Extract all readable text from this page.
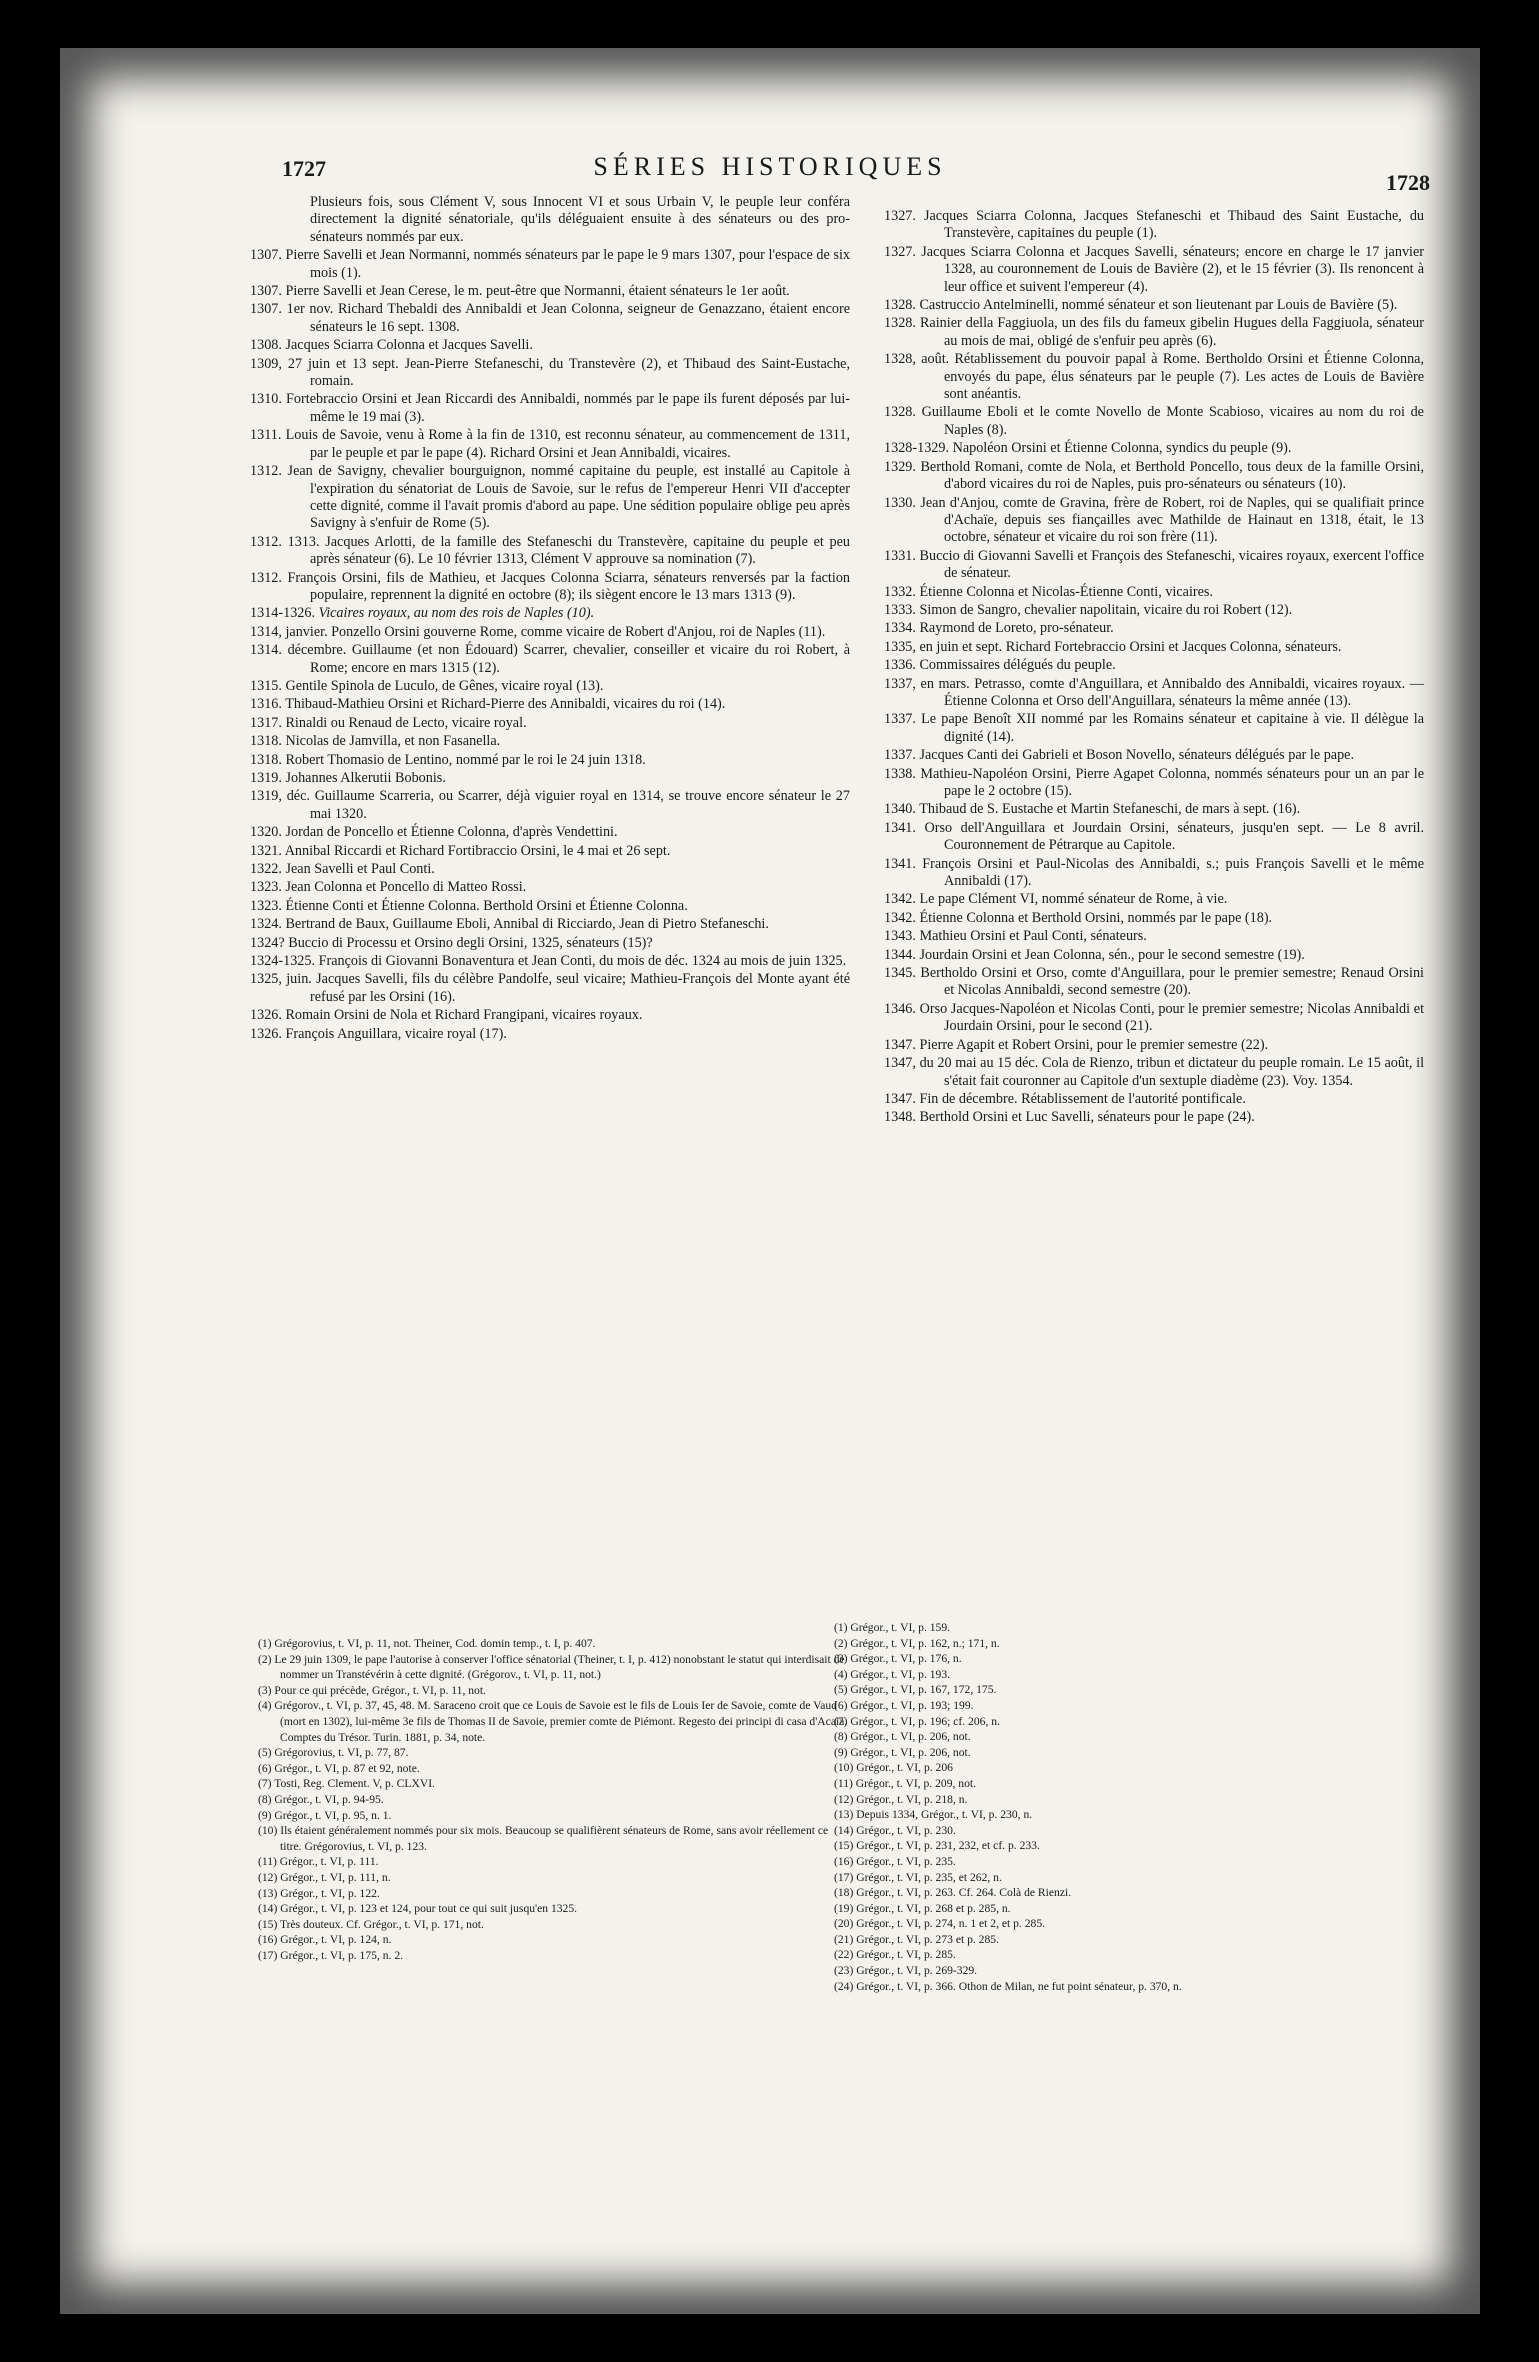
1727	SÉRIES HISTORIQUES
1728

Plusieurs fois, sous Clément V, sous Innocent VI et sous Urbain V, le peuple leur conféra directement la dignité sénatoriale, qu'ils déléguaient ensuite à des sénateurs ou des pro-sénateurs nommés par eux.

1307. Pierre Savelli et Jean Normanni, nommés sénateurs par le pape le 9 mars 1307, pour l'espace de six mois (1).

1307. Pierre Savelli et Jean Cerese, le m. peut-être que Normanni, étaient sénateurs le 1er août.

1307. 1er nov. Richard Thebaldi des Annibaldi et Jean Colonna, seigneur de Genazzano, étaient encore sénateurs le 16 sept. 1308.

1308. Jacques Sciarra Colonna et Jacques Savelli.

1309, 27 juin et 13 sept. Jean-Pierre Stefaneschi, du Transtevère (2), et Thibaud des Saint-Eustache, romain.

1310. Fortebraccio Orsini et Jean Riccardi des Annibaldi, nommés par le pape ils furent déposés par lui-même le 19 mai (3).

1311. Louis de Savoie, venu à Rome à la fin de 1310, est reconnu sénateur, au commencement de 1311, par le peuple et par le pape (4). Richard Orsini et Jean Annibaldi, vicaires.

1312. Jean de Savigny, chevalier bourguignon, nommé capitaine du peuple, est installé au Capitole à l'expiration du sénatoriat de Louis de Savoie, sur le refus de l'empereur Henri VII d'accepter cette dignité, comme il l'avait promis d'abord au pape. Une sédition populaire oblige peu après Savigny à s'enfuir de Rome (5).

1312. 1313. Jacques Arlotti, de la famille des Stefaneschi du Transtevère, capitaine du peuple et peu après sénateur (6). Le 10 février 1313, Clément V approuve sa nomination (7).

1312. François Orsini, fils de Mathieu, et Jacques Colonna Sciarra, sénateurs renversés par la faction populaire, reprennent la dignité en octobre (8); ils siègent encore le 13 mars 1313 (9).

1314-1326. Vicaires royaux, au nom des rois de Naples (10).

1314, janvier. Ponzello Orsini gouverne Rome, comme vicaire de Robert d'Anjou, roi de Naples (11).

1314. décembre. Guillaume (et non Édouard) Scarrer, chevalier, conseiller et vicaire du roi Robert, à Rome; encore en mars 1315 (12).

1315. Gentile Spinola de Luculo, de Gênes, vicaire royal (13).

1316. Thibaud-Mathieu Orsini et Richard-Pierre des Annibaldi, vicaires du roi (14).

1317. Rinaldi ou Renaud de Lecto, vicaire royal.

1318. Nicolas de Jamvilla, et non Fasanella.

1318. Robert Thomasio de Lentino, nommé par le roi le 24 juin 1318.

1319. Johannes Alkerutii Bobonis.

1319, déc. Guillaume Scarreria, ou Scarrer, déjà viguier royal en 1314, se trouve encore sénateur le 27 mai 1320.

1320. Jordan de Poncello et Étienne Colonna, d'après Vendettini.

1321. Annibal Riccardi et Richard Fortibraccio Orsini, le 4 mai et 26 sept.

1322. Jean Savelli et Paul Conti.

1323. Jean Colonna et Poncello di Matteo Rossi.

1323. Étienne Conti et Étienne Colonna. Berthold Orsini et Étienne Colonna.

1324. Bertrand de Baux, Guillaume Eboli, Annibal di Ricciardo, Jean di Pietro Stefaneschi.

1324? Buccio di Processu et Orsino degli Orsini, 1325, sénateurs (15)?

1324-1325. François di Giovanni Bonaventura et Jean Conti, du mois de déc. 1324 au mois de juin 1325.

1325, juin. Jacques Savelli, fils du célèbre Pandolfe, seul vicaire; Mathieu-François del Monte ayant été refusé par les Orsini (16).

1326. Romain Orsini de Nola et Richard Frangipani, vicaires royaux.

1326. François Anguillara, vicaire royal (17).

1327. Jacques Sciarra Colonna, Jacques Stefaneschi et Thibaud des Saint Eustache, du Transtevère, capitaines du peuple (1).

1327. Jacques Sciarra Colonna et Jacques Savelli, sénateurs; encore en charge le 17 janvier 1328, au couronnement de Louis de Bavière (2), et le 15 février (3). Ils renoncent à leur office et suivent l'empereur (4).

1328. Castruccio Antelminelli, nommé sénateur et son lieutenant par Louis de Bavière (5).

1328. Rainier della Faggiuola, un des fils du fameux gibelin Hugues della Faggiuola, sénateur au mois de mai, obligé de s'enfuir peu après (6).

1328, août. Rétablissement du pouvoir papal à Rome. Bertholdo Orsini et Étienne Colonna, envoyés du pape, élus sénateurs par le peuple (7). Les actes de Louis de Bavière sont anéantis.

1328. Guillaume Eboli et le comte Novello de Monte Scabioso, vicaires au nom du roi de Naples (8).

1328-1329. Napoléon Orsini et Étienne Colonna, syndics du peuple (9).

1329. Berthold Romani, comte de Nola, et Berthold Poncello, tous deux de la famille Orsini, d'abord vicaires du roi de Naples, puis pro-sénateurs ou sénateurs (10).

1330. Jean d'Anjou, comte de Gravina, frère de Robert, roi de Naples, qui se qualifiait prince d'Achaïe, depuis ses fiançailles avec Mathilde de Hainaut en 1318, était, le 13 octobre, sénateur et vicaire du roi son frère (11).

1331. Buccio di Giovanni Savelli et François des Stefaneschi, vicaires royaux, exercent l'office de sénateur.

1332. Étienne Colonna et Nicolas-Étienne Conti, vicaires.

1333. Simon de Sangro, chevalier napolitain, vicaire du roi Robert (12).

1334. Raymond de Loreto, pro-sénateur.

1335, en juin et sept. Richard Fortebraccio Orsini et Jacques Colonna, sénateurs.

1336. Commissaires délégués du peuple.

1337, en mars. Petrasso, comte d'Anguillara, et Annibaldo des Annibaldi, vicaires royaux. — Étienne Colonna et Orso dell'Anguillara, sénateurs la même année (13).

1337. Le pape Benoît XII nommé par les Romains sénateur et capitaine à vie. Il délègue la dignité (14).

1337. Jacques Canti dei Gabrieli et Boson Novello, sénateurs délégués par le pape.

1338. Mathieu-Napoléon Orsini, Pierre Agapet Colonna, nommés sénateurs pour un an par le pape le 2 octobre (15).

1340. Thibaud de S. Eustache et Martin Stefaneschi, de mars à sept. (16).

1341. Orso dell'Anguillara et Jourdain Orsini, sénateurs, jusqu'en sept. — Le 8 avril. Couronnement de Pétrarque au Capitole.

1341. François Orsini et Paul-Nicolas des Annibaldi, s.; puis François Savelli et le même Annibaldi (17).

1342. Le pape Clément VI, nommé sénateur de Rome, à vie.

1342. Étienne Colonna et Berthold Orsini, nommés par le pape (18).

1343. Mathieu Orsini et Paul Conti, sénateurs.

1344. Jourdain Orsini et Jean Colonna, sén., pour le second semestre (19).

1345. Bertholdo Orsini et Orso, comte d'Anguillara, pour le premier semestre; Renaud Orsini et Nicolas Annibaldi, second semestre (20).

1346. Orso Jacques-Napoléon et Nicolas Conti, pour le premier semestre; Nicolas Annibaldi et Jourdain Orsini, pour le second (21).

1347. Pierre Agapit et Robert Orsini, pour le premier semestre (22).

1347, du 20 mai au 15 déc. Cola de Rienzo, tribun et dictateur du peuple romain. Le 15 août, il s'était fait couronner au Capitole d'un sextuple diadème (23). Voy. 1354.

1347. Fin de décembre. Rétablissement de l'autorité pontificale.

1348. Berthold Orsini et Luc Savelli, sénateurs pour le pape (24).

(1) Grégorovius, t. VI, p. 11, not. Theiner, Cod. domin temp., t. I, p. 407.

(2) Le 29 juin 1309, le pape l'autorise à conserver l'office sénatorial (Theiner, t. I, p. 412) nonobstant le statut qui interdisait de nommer un Transtévérin à cette dignité. (Grégorov., t. VI, p. 11, not.)

(3) Pour ce qui précède, Grégor., t. VI, p. 11, not.

(4) Grégorov., t. VI, p. 37, 45, 48. M. Saraceno croit que ce Louis de Savoie est le fils de Louis Ier de Savoie, comte de Vaud (mort en 1302), lui-même 3e fils de Thomas II de Savoie, premier comte de Piémont. Regesto dei principi di casa d'Acaia. Comptes du Trésor. Turin. 1881, p. 34, note.

(5) Grégorovius, t. VI, p. 77, 87.

(6) Grégor., t. VI, p. 87 et 92, note.

(7) Tosti, Reg. Clement. V, p. CLXVI.

(8) Grégor., t. VI, p. 94-95.

(9) Grégor., t. VI, p. 95, n. 1.

(10) Ils étaient généralement nommés pour six mois. Beaucoup se qualifièrent sénateurs de Rome, sans avoir réellement ce titre. Grégorovius, t. VI, p. 123.

(11) Grégor., t. VI, p. 111.

(12) Grégor., t. VI, p. 111, n.

(13) Grégor., t. VI, p. 122.

(14) Grégor., t. VI, p. 123 et 124, pour tout ce qui suit jusqu'en 1325.

(15) Très douteux. Cf. Grégor., t. VI, p. 171, not.

(16) Grégor., t. VI, p. 124, n.

(17) Grégor., t. VI, p. 175, n. 2.

(1) Grégor., t. VI, p. 159.

(2) Grégor., t. VI, p. 162, n.; 171, n.

(3) Grégor., t. VI, p. 176, n.

(4) Grégor., t. VI, p. 193.

(5) Grégor., t. VI, p. 167, 172, 175.

(6) Grégor., t. VI, p. 193; 199.

(7) Grégor., t. VI, p. 196; cf. 206, n.

(8) Grégor., t. VI, p. 206, not.

(9) Grégor., t. VI, p. 206, not.

(10) Grégor., t. VI, p. 206

(11) Grégor., t. VI, p. 209, not.

(12) Grégor., t. VI, p. 218, n.

(13) Depuis 1334, Grégor., t. VI, p. 230, n.

(14) Grégor., t. VI, p. 230.

(15) Grégor., t. VI, p. 231, 232, et cf. p. 233.

(16) Grégor., t. VI, p. 235.

(17) Grégor., t. VI, p. 235, et 262, n.

(18) Grégor., t. VI, p. 263. Cf. 264. Colà de Rienzi.

(19) Grégor., t. VI, p. 268 et p. 285, n.

(20) Grégor., t. VI, p. 274, n. 1 et 2, et p. 285.

(21) Grégor., t. VI, p. 273 et p. 285.

(22) Grégor., t. VI, p. 285.

(23) Grégor., t. VI, p. 269-329.

(24) Grégor., t. VI, p. 366. Othon de Milan, ne fut point sénateur, p. 370, n.
